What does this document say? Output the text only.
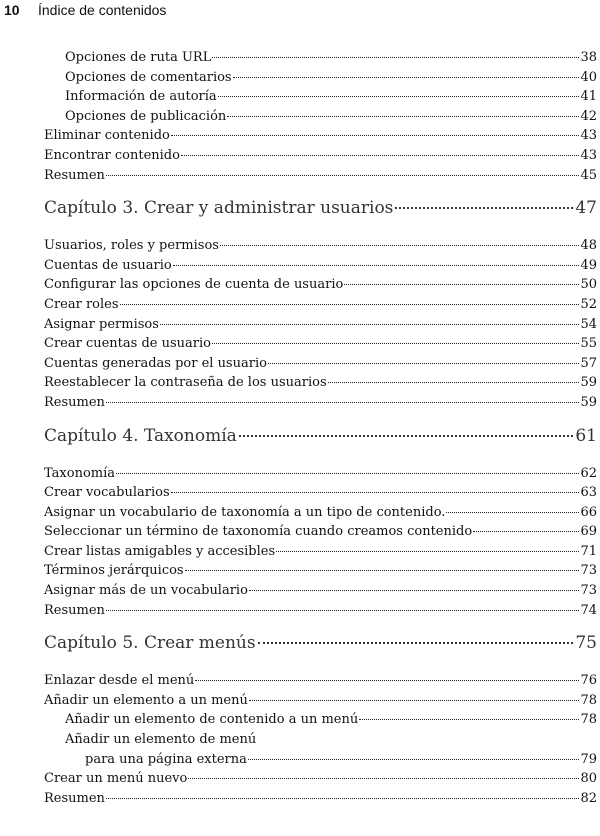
10	Índice de contenidos
Opciones de ruta URL	38
Opciones de comentarios	40
Información de autoría	41
Opciones de publicación	42
Eliminar contenido	43
Encontrar contenido	43
Resumen	45
Capítulo 3. Crear y administrar usuarios	47
Usuarios, roles y permisos	48
Cuentas de usuario	49
Configurar las opciones de cuenta de usuario	50
Crear roles	52
Asignar permisos	54
Crear cuentas de usuario	55
Cuentas generadas por el usuario	57
Reestablecer la contraseña de los usuarios	59
Resumen	59
Capítulo 4. Taxonomía	61
Taxonomía	62
Crear vocabularios	63
Asignar un vocabulario de taxonomía a un tipo de contenido.	66
Seleccionar un término de taxonomía cuando creamos contenido	69
Crear listas amigables y accesibles	71
Términos jerárquicos	73
Asignar más de un vocabulario	73
Resumen	74
Capítulo 5. Crear menús	75
Enlazar desde el menú	76
Añadir un elemento a un menú	78
Añadir un elemento de contenido a un menú	78
Añadir un elemento de menú
para una página externa	79
Crear un menú nuevo	80
Resumen	82
